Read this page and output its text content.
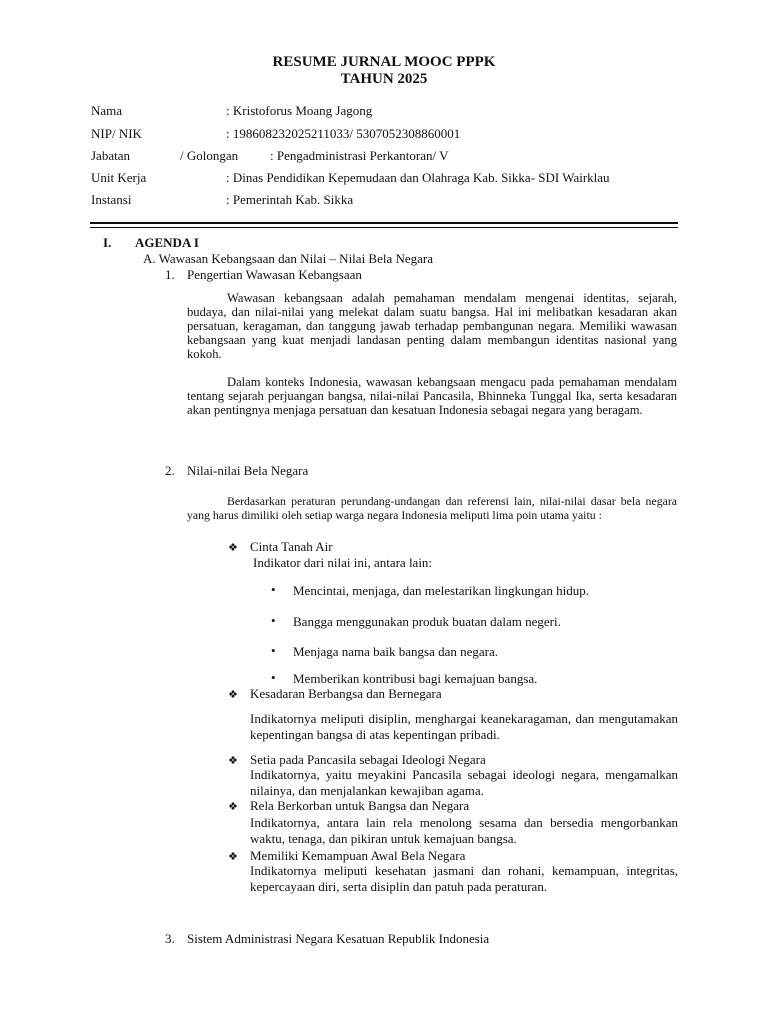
RESUME JURNAL MOOC PPPK
TAHUN 2025
Nama	: Kristoforus Moang Jagong
NIP/ NIK	: 19860823202521103​3/ 5307052308860001
Jabatan	/ Golongan : Pengadministrasi Perkantoran/ V
Unit Kerja	: Dinas Pendidikan Kepemudaan dan Olahraga Kab. Sikka- SDI Wairklau
Instansi	: Pemerintah Kab. Sikka
I. AGENDA I
A. Wawasan Kebangsaan dan Nilai – Nilai Bela Negara
1. Pengertian Wawasan Kebangsaan
Wawasan kebangsaan adalah pemahaman mendalam mengenai identitas, sejarah, budaya, dan nilai-nilai yang melekat dalam suatu bangsa. Hal ini melibatkan kesadaran akan persatuan, keragaman, dan tanggung jawab terhadap pembangunan negara. Memiliki wawasan kebangsaan yang kuat menjadi landasan penting dalam membangun identitas nasional yang kokoh.
Dalam konteks Indonesia, wawasan kebangsaan mengacu pada pemahaman mendalam tentang sejarah perjuangan bangsa, nilai-nilai Pancasila, Bhinneka Tunggal Ika, serta kesadaran akan pentingnya menjaga persatuan dan kesatuan Indonesia sebagai negara yang beragam.
2. Nilai-nilai Bela Negara
Berdasarkan peraturan perundang-undangan dan referensi lain, nilai-nilai dasar bela negara yang harus dimiliki oleh setiap warga negara Indonesia meliputi lima poin utama yaitu :
❖ Cinta Tanah Air
Indikator dari nilai ini, antara lain:
• Mencintai, menjaga, dan melestarikan lingkungan hidup.
• Bangga menggunakan produk buatan dalam negeri.
• Menjaga nama baik bangsa dan negara.
• Memberikan kontribusi bagi kemajuan bangsa.
❖ Kesadaran Berbangsa dan Bernegara
Indikatornya meliputi disiplin, menghargai keanekaragaman, dan mengutamakan kepentingan bangsa di atas kepentingan pribadi.
❖ Setia pada Pancasila sebagai Ideologi Negara
Indikatornya, yaitu meyakini Pancasila sebagai ideologi negara, mengamalkan nilainya, dan menjalankan kewajiban agama.
❖ Rela Berkorban untuk Bangsa dan Negara
Indikatornya, antara lain rela menolong sesama dan bersedia mengorbankan waktu, tenaga, dan pikiran untuk kemajuan bangsa.
❖ Memiliki Kemampuan Awal Bela Negara
Indikatornya meliputi kesehatan jasmani dan rohani, kemampuan, integritas, kepercayaan diri, serta disiplin dan patuh pada peraturan.
3. Sistem Administrasi Negara Kesatuan Republik Indonesia
